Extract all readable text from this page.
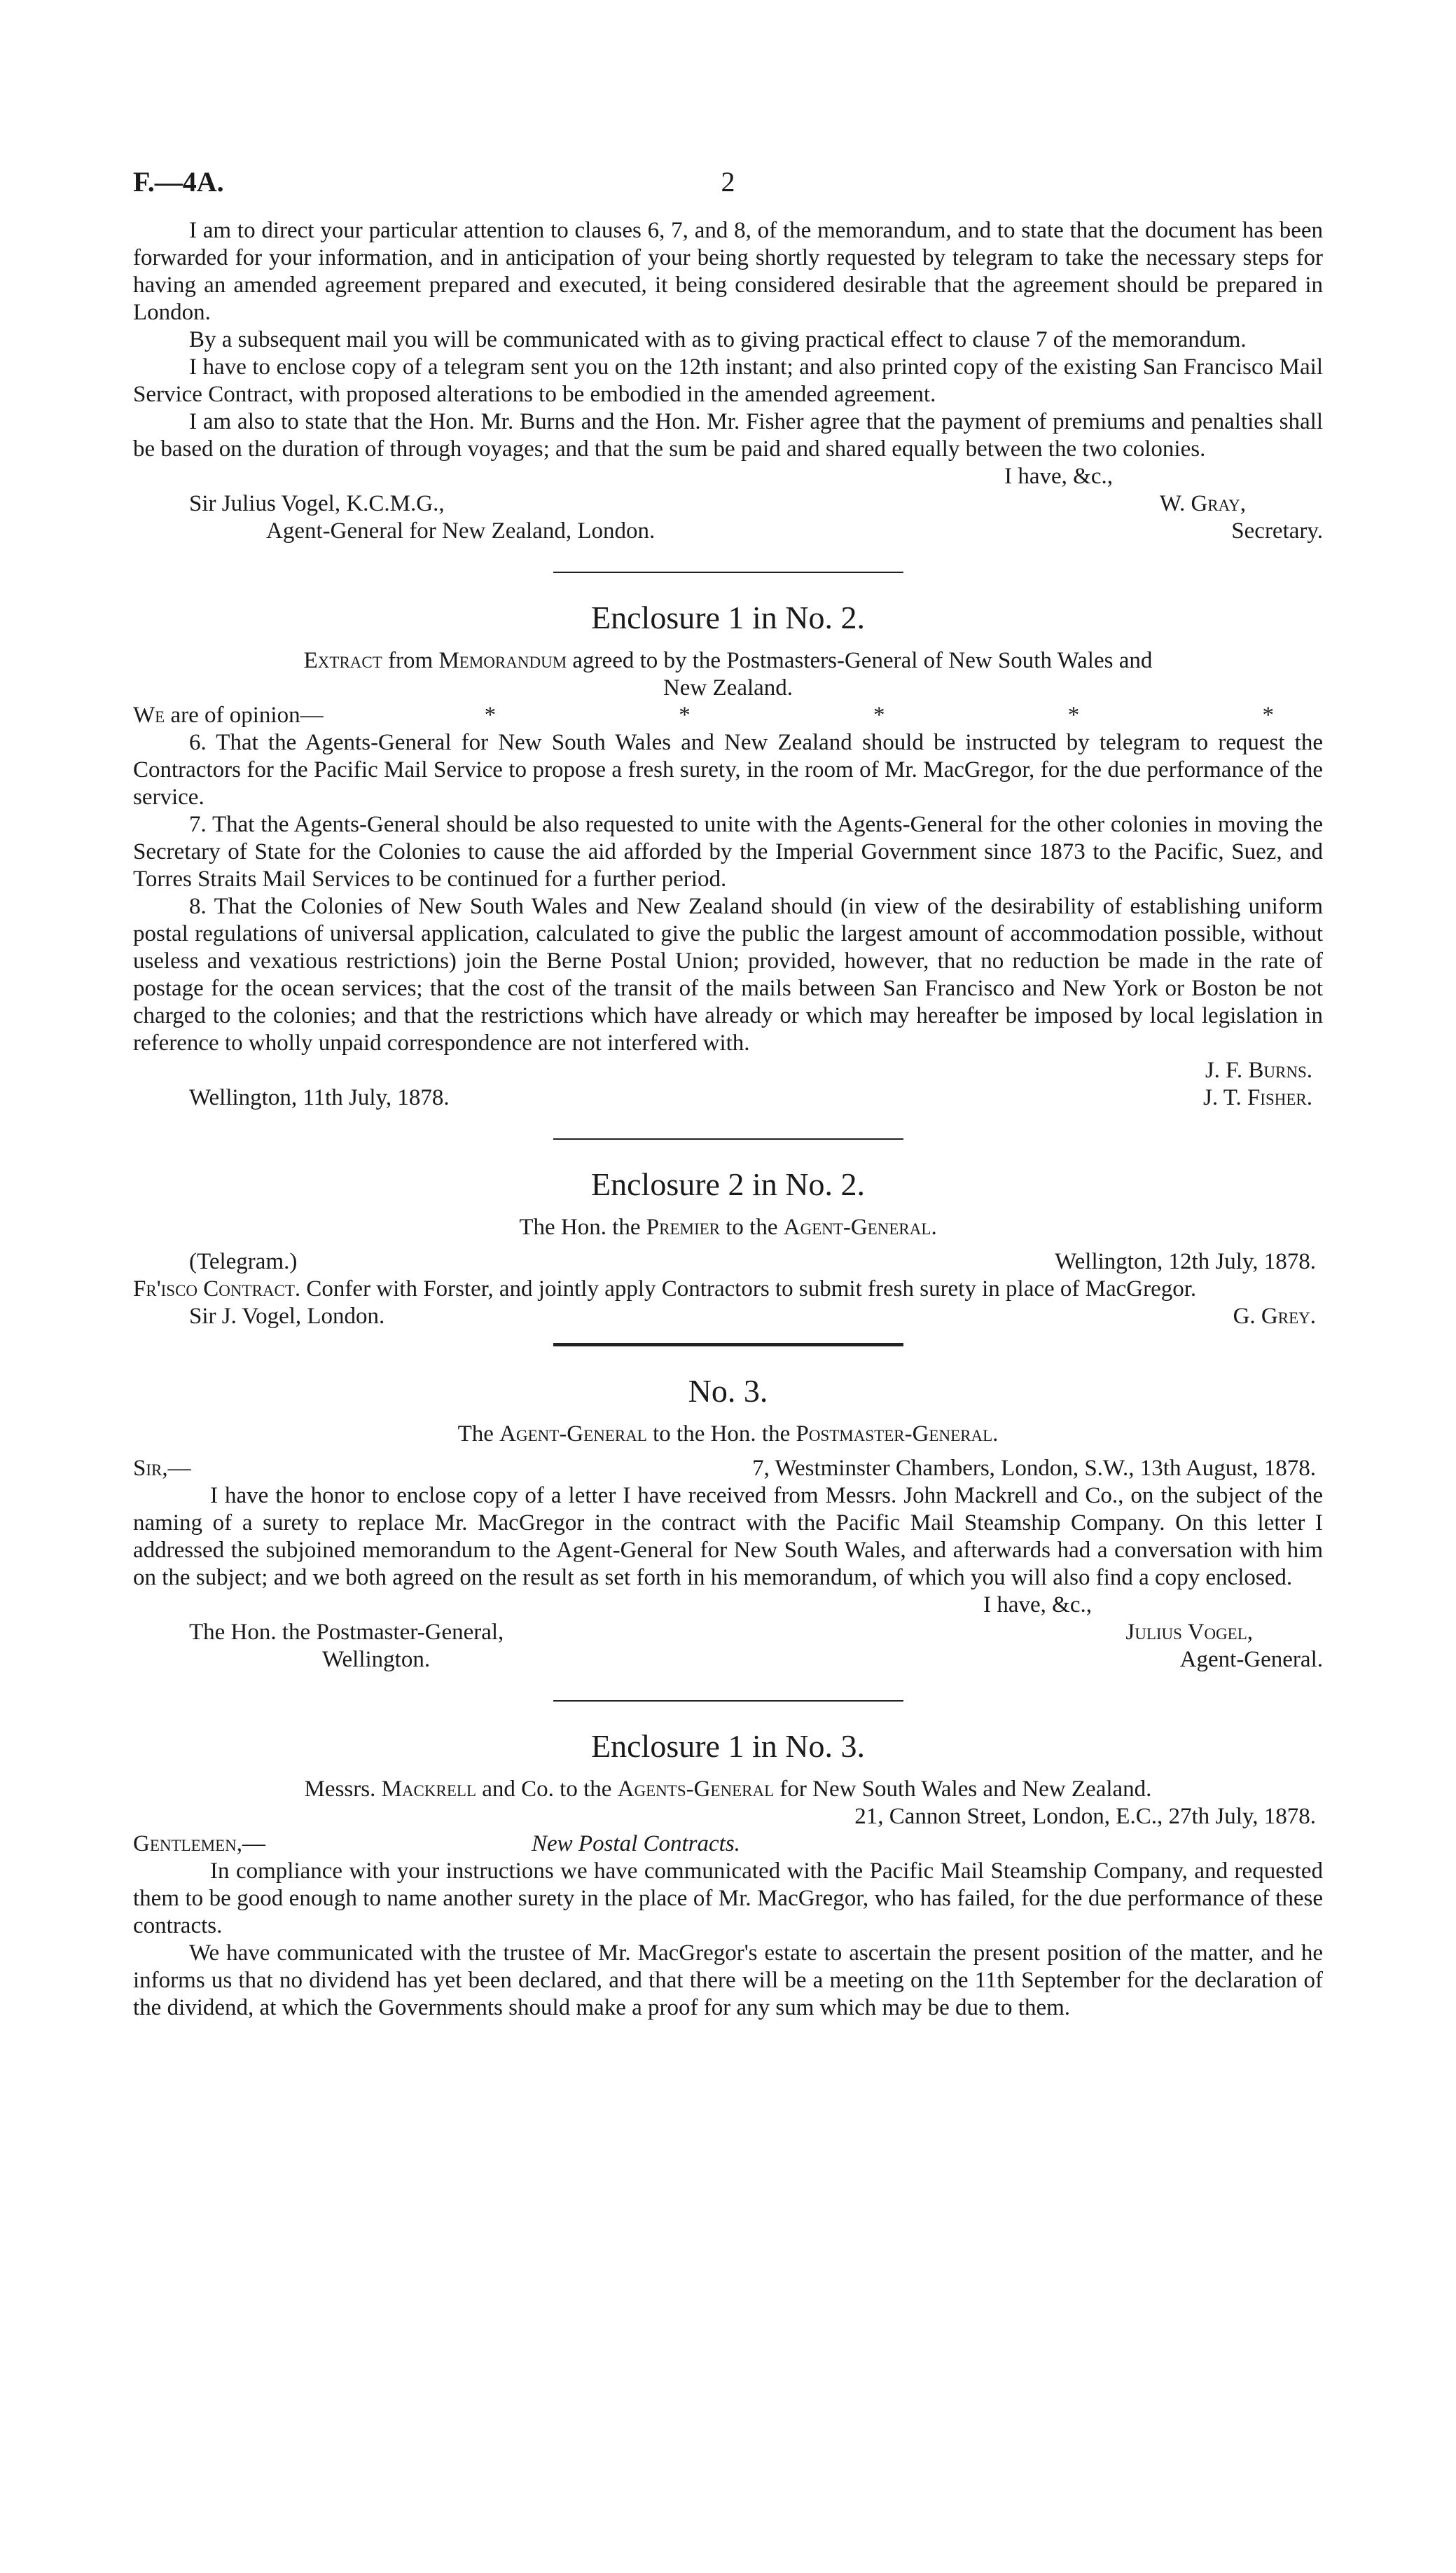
F.—4A.	2

I am to direct your particular attention to clauses 6, 7, and 8, of the memorandum, and to state that the document has been forwarded for your information, and in anticipation of your being shortly requested by telegram to take the necessary steps for having an amended agreement prepared and executed, it being considered desirable that the agreement should be prepared in London.

By a subsequent mail you will be communicated with as to giving practical effect to clause 7 of the memorandum.

I have to enclose copy of a telegram sent you on the 12th instant; and also printed copy of the existing San Francisco Mail Service Contract, with proposed alterations to be embodied in the amended agreement.

I am also to state that the Hon. Mr. Burns and the Hon. Mr. Fisher agree that the payment of premiums and penalties shall be based on the duration of through voyages; and that the sum be paid and shared equally between the two colonies.

I have, &c.,
Sir Julius Vogel, K.C.M.G.,	W. Gray,
Agent-General for New Zealand, London.	Secretary.
Enclosure 1 in No. 2.

Extract from Memorandum agreed to by the Postmasters-General of New South Wales and

New Zealand.

We are of opinion—	*	*	*	*	*

6. That the Agents-General for New South Wales and New Zealand should be instructed by telegram to request the Contractors for the Pacific Mail Service to propose a fresh surety, in the room of Mr. MacGregor, for the due performance of the service.

7. That the Agents-General should be also requested to unite with the Agents-General for the other colonies in moving the Secretary of State for the Colonies to cause the aid afforded by the Imperial Government since 1873 to the Pacific, Suez, and Torres Straits Mail Services to be continued for a further period.

8. That the Colonies of New South Wales and New Zealand should (in view of the desirability of establishing uniform postal regulations of universal application, calculated to give the public the largest amount of accommodation possible, without useless and vexatious restrictions) join the Berne Postal Union; provided, however, that no reduction be made in the rate of postage for the ocean services; that the cost of the transit of the mails between San Francisco and New York or Boston be not charged to the colonies; and that the restrictions which have already or which may hereafter be imposed by local legislation in reference to wholly unpaid correspondence are not interfered with.

J. F. Burns.
Wellington, 11th July, 1878.	J. T. Fisher.
Enclosure 2 in No. 2.

The Hon. the Premier to the Agent-General.

(Telegram.)	Wellington, 12th July, 1878.

Fr'isco Contract. Confer with Forster, and jointly apply Contractors to submit fresh surety in place of MacGregor.

Sir J. Vogel, London.	G. Grey.
No. 3.

The Agent-General to the Hon. the Postmaster-General.

Sir,—	7, Westminster Chambers, London, S.W., 13th August, 1878.

I have the honor to enclose copy of a letter I have received from Messrs. John Mackrell and Co., on the subject of the naming of a surety to replace Mr. MacGregor in the contract with the Pacific Mail Steamship Company. On this letter I addressed the subjoined memorandum to the Agent-General for New South Wales, and afterwards had a conversation with him on the subject; and we both agreed on the result as set forth in his memorandum, of which you will also find a copy enclosed.

I have, &c.,
The Hon. the Postmaster-General,	Julius Vogel,
Wellington.	Agent-General.
Enclosure 1 in No. 3.

Messrs. Mackrell and Co. to the Agents-General for New South Wales and New Zealand.

21, Cannon Street, London, E.C., 27th July, 1878.
Gentlemen,—	New Postal Contracts.

In compliance with your instructions we have communicated with the Pacific Mail Steamship Company, and requested them to be good enough to name another surety in the place of Mr. MacGregor, who has failed, for the due performance of these contracts.

We have communicated with the trustee of Mr. MacGregor's estate to ascertain the present position of the matter, and he informs us that no dividend has yet been declared, and that there will be a meeting on the 11th September for the declaration of the dividend, at which the Governments should make a proof for any sum which may be due to them.
